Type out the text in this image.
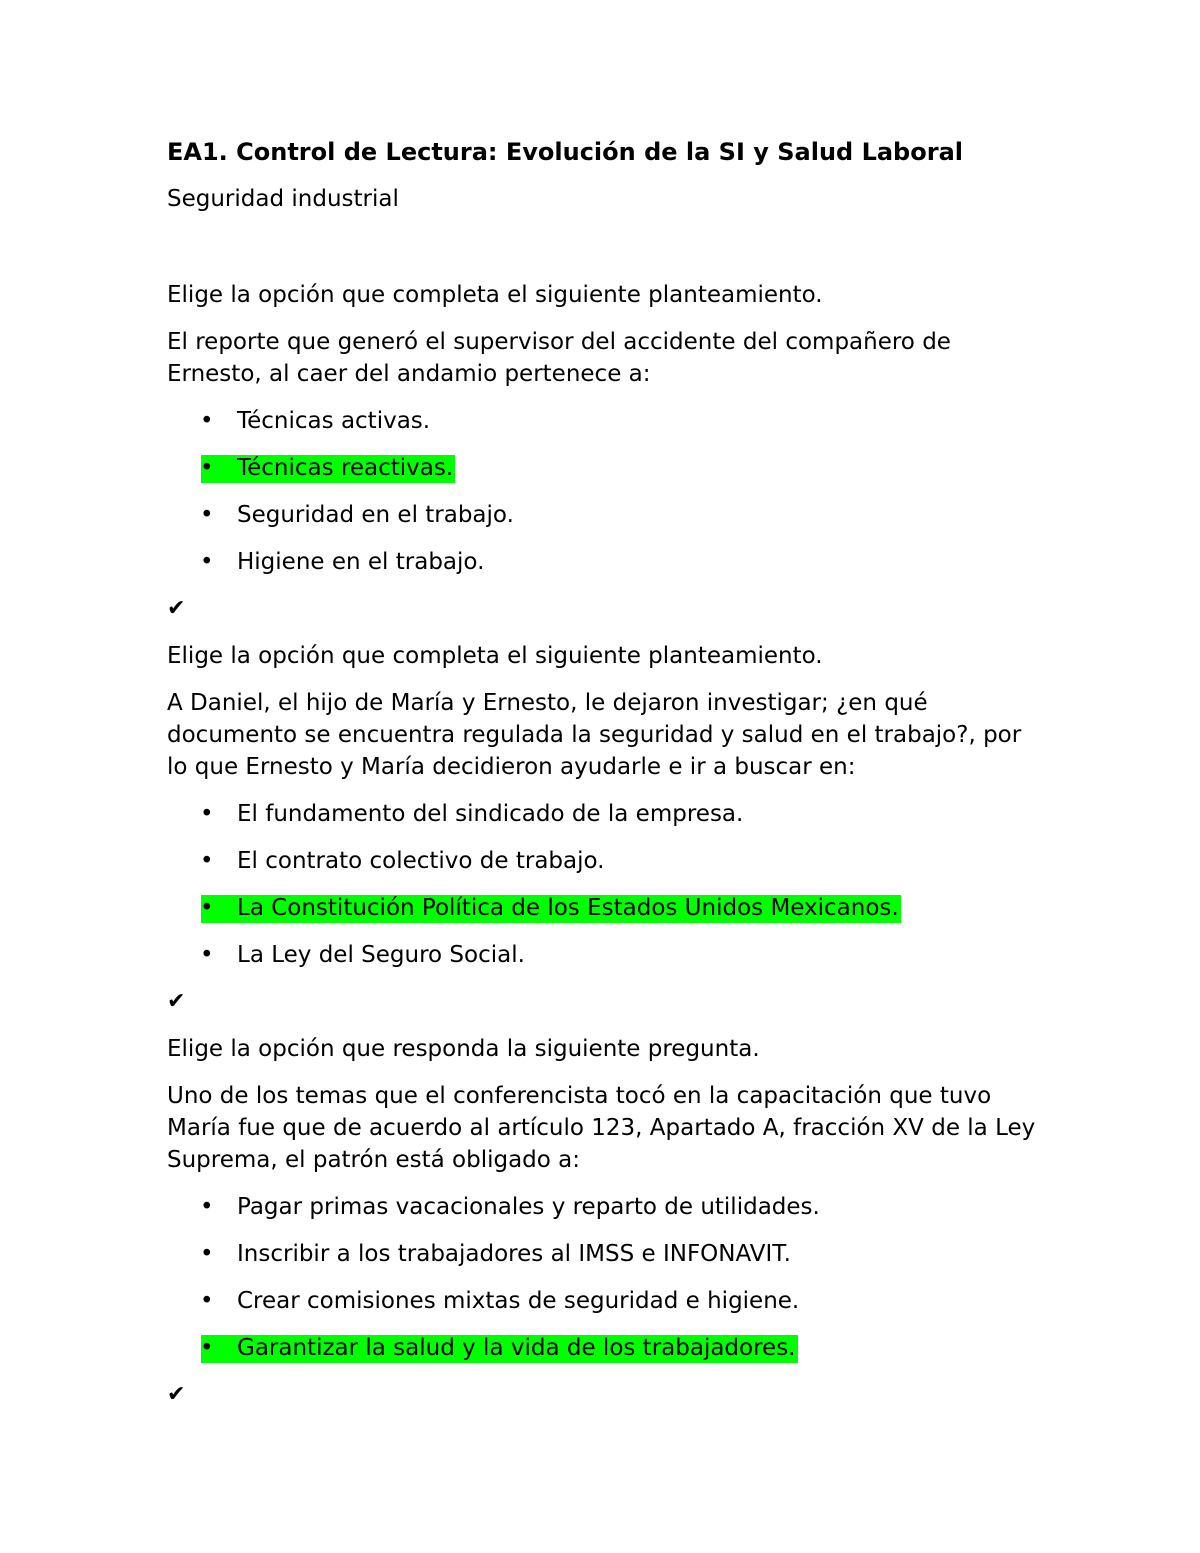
EA1. Control de Lectura: Evolución de la SI y Salud Laboral

Seguridad industrial

Elige la opción que completa el siguiente planteamiento.

El reporte que generó el supervisor del accidente del compañero de Ernesto, al caer del andamio pertenece a:

• Técnicas activas.
• Técnicas reactivas.
• Seguridad en el trabajo.
• Higiene en el trabajo.

✔

Elige la opción que completa el siguiente planteamiento.

A Daniel, el hijo de María y Ernesto, le dejaron investigar; ¿en qué documento se encuentra regulada la seguridad y salud en el trabajo?, por lo que Ernesto y María decidieron ayudarle e ir a buscar en:

• El fundamento del sindicado de la empresa.
• El contrato colectivo de trabajo.
• La Constitución Política de los Estados Unidos Mexicanos.
• La Ley del Seguro Social.

✔

Elige la opción que responda la siguiente pregunta.

Uno de los temas que el conferencista tocó en la capacitación que tuvo María fue que de acuerdo al artículo 123, Apartado A, fracción XV de la Ley Suprema, el patrón está obligado a:

• Pagar primas vacacionales y reparto de utilidades.
• Inscribir a los trabajadores al IMSS e INFONAVIT.
• Crear comisiones mixtas de seguridad e higiene.
• Garantizar la salud y la vida de los trabajadores.

✔
